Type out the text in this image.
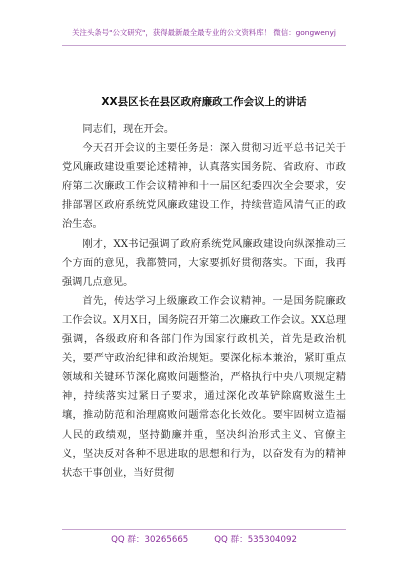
关注头条号"公文研究"，获得最新最全最专业的公文资料库！ 微信：gongwenyj
XX县区长在县区政府廉政工作会议上的讲话

同志们，现在开会。

今天召开会议的主要任务是：深入贯彻习近平总书记关于党风廉政建设重要论述精神，认真落实国务院、省政府、市政府第二次廉政工作会议精神和十一届区纪委四次全会要求，安排部署区政府系统党风廉政建设工作，持续营造风清气正的政治生态。

刚才，XX书记强调了政府系统党风廉政建设向纵深推动三个方面的意见，我都赞同，大家要抓好贯彻落实。下面，我再强调几点意见。

首先，传达学习上级廉政工作会议精神。一是国务院廉政工作会议。X月X日，国务院召开第二次廉政工作会议。XX总理强调，各级政府和各部门作为国家行政机关，首先是政治机关，要严守政治纪律和政治规矩。要深化标本兼治，紧盯重点领域和关键环节深化腐败问题整治，严格执行中央八项规定精神，持续落实过紧日子要求，通过深化改革铲除腐败滋生土壤，推动防范和治理腐败问题常态化长效化。要牢固树立造福人民的政绩观，坚持勤廉并重，坚决纠治形式主义、官僚主义，坚决反对各种不思进取的思想和行为，以奋发有为的精神状态干事创业，当好贯彻

QQ 群：30265665	QQ 群：535304092
